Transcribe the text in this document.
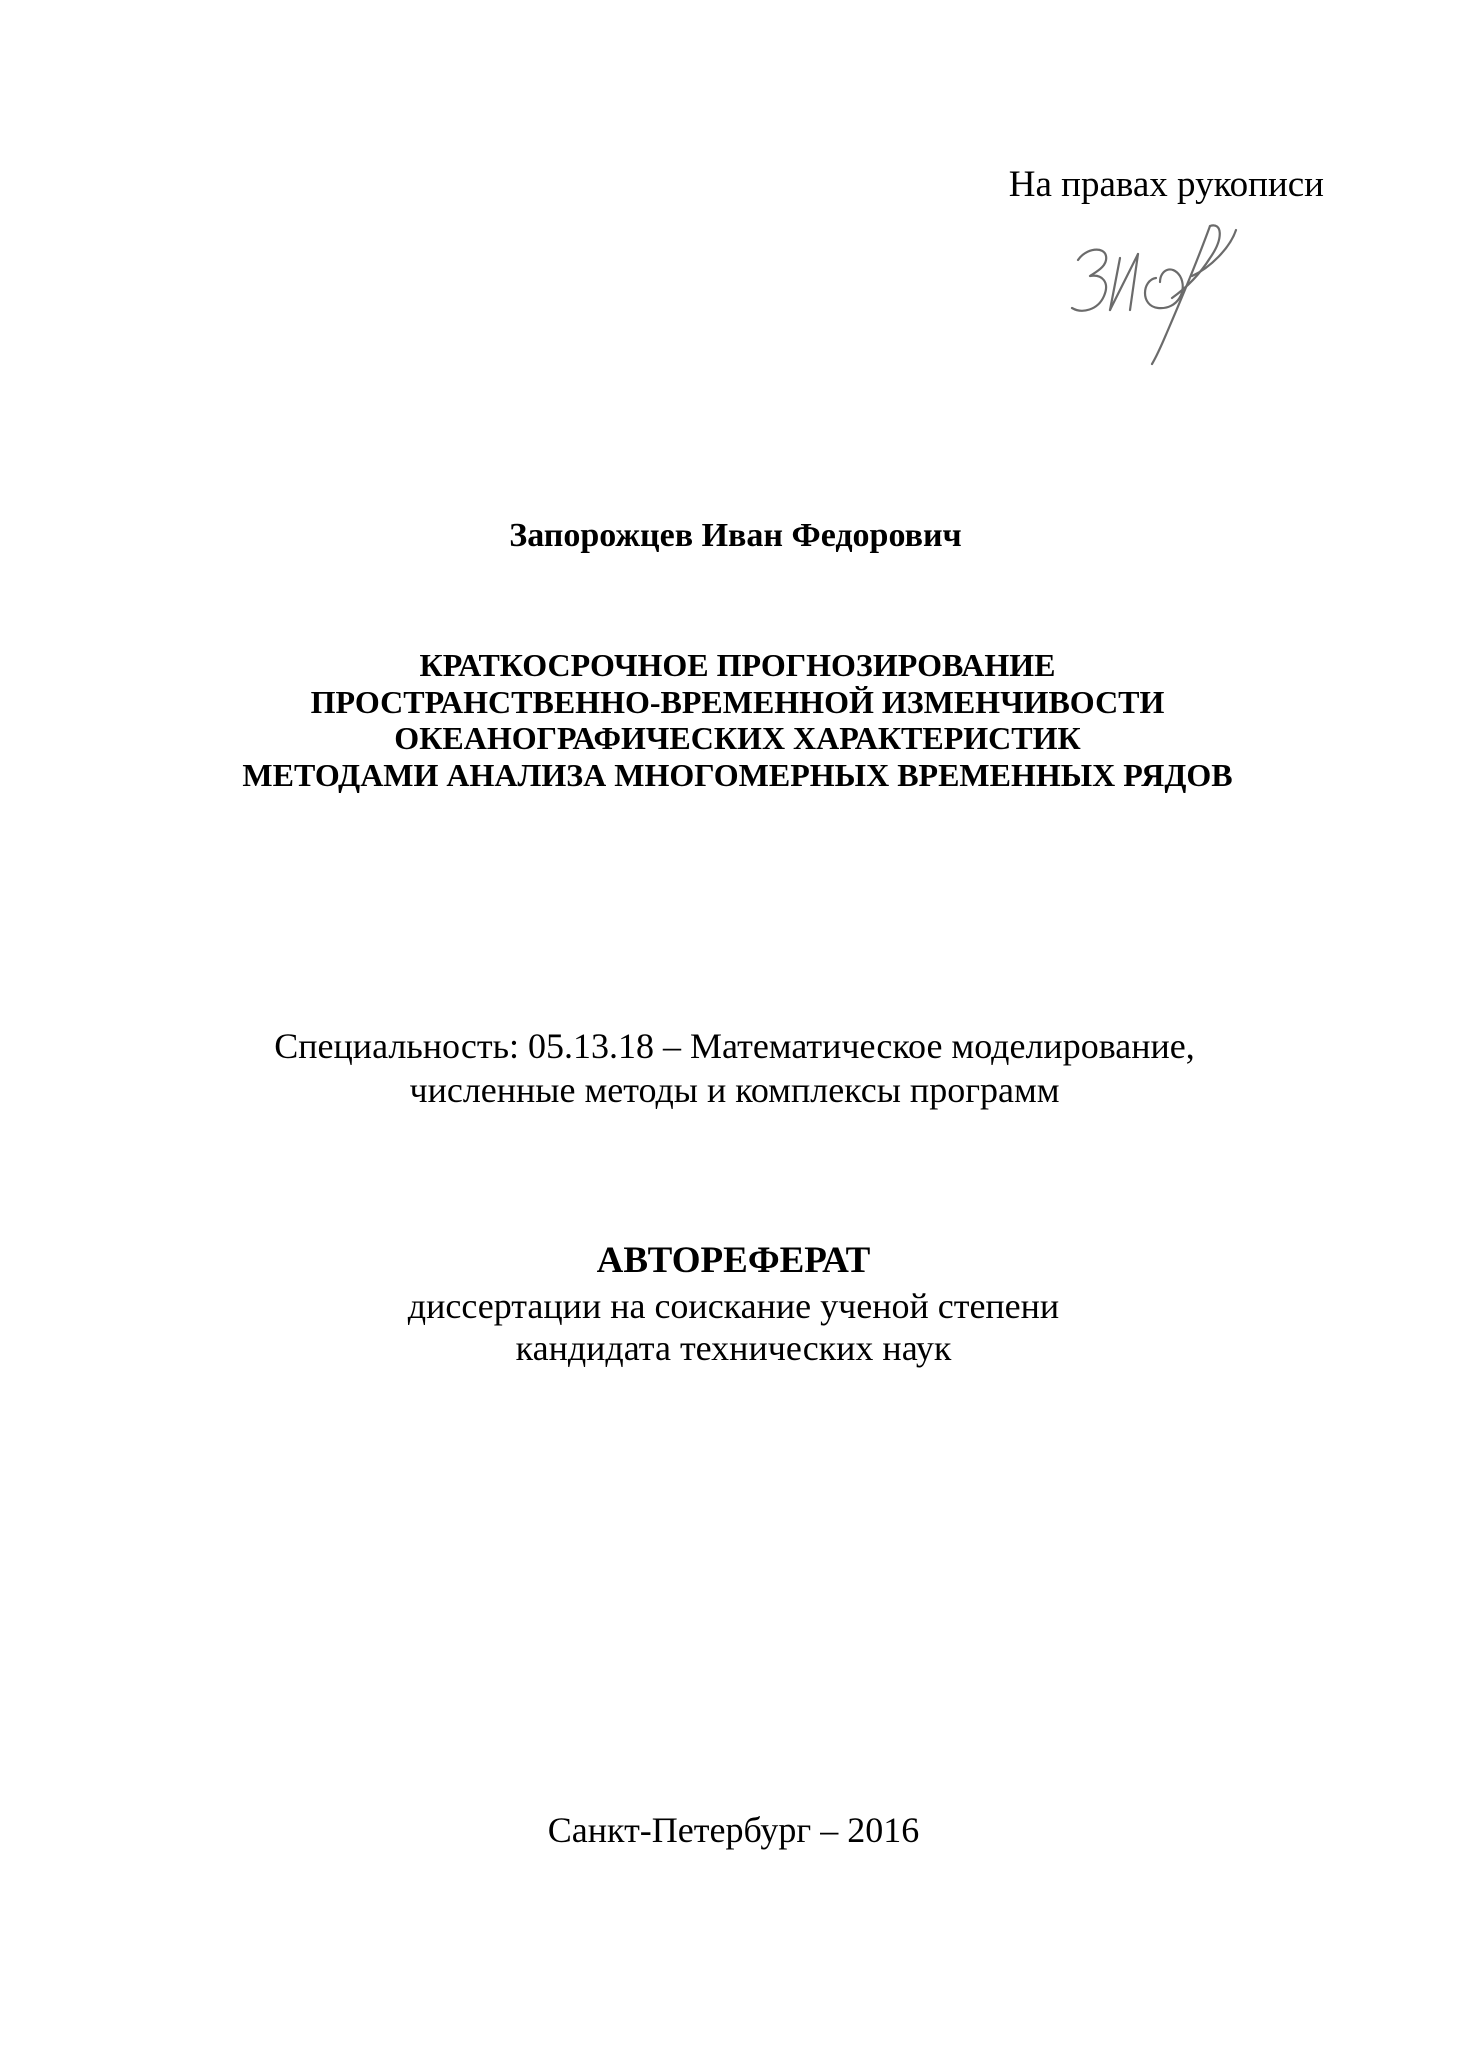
На правах рукописи
Запорожцев Иван Федорович
КРАТКОСРОЧНОЕ ПРОГНОЗИРОВАНИЕ
ПРОСТРАНСТВЕННО-ВРЕМЕННОЙ ИЗМЕНЧИВОСТИ
ОКЕАНОГРАФИЧЕСКИХ ХАРАКТЕРИСТИК
МЕТОДАМИ АНАЛИЗА МНОГОМЕРНЫХ ВРЕМЕННЫХ РЯДОВ
Специальность: 05.13.18 – Математическое моделирование,
численные методы и комплексы программ
АВТОРЕФЕРАТ
диссертации на соискание ученой степени
кандидата технических наук
Санкт-Петербург – 2016
